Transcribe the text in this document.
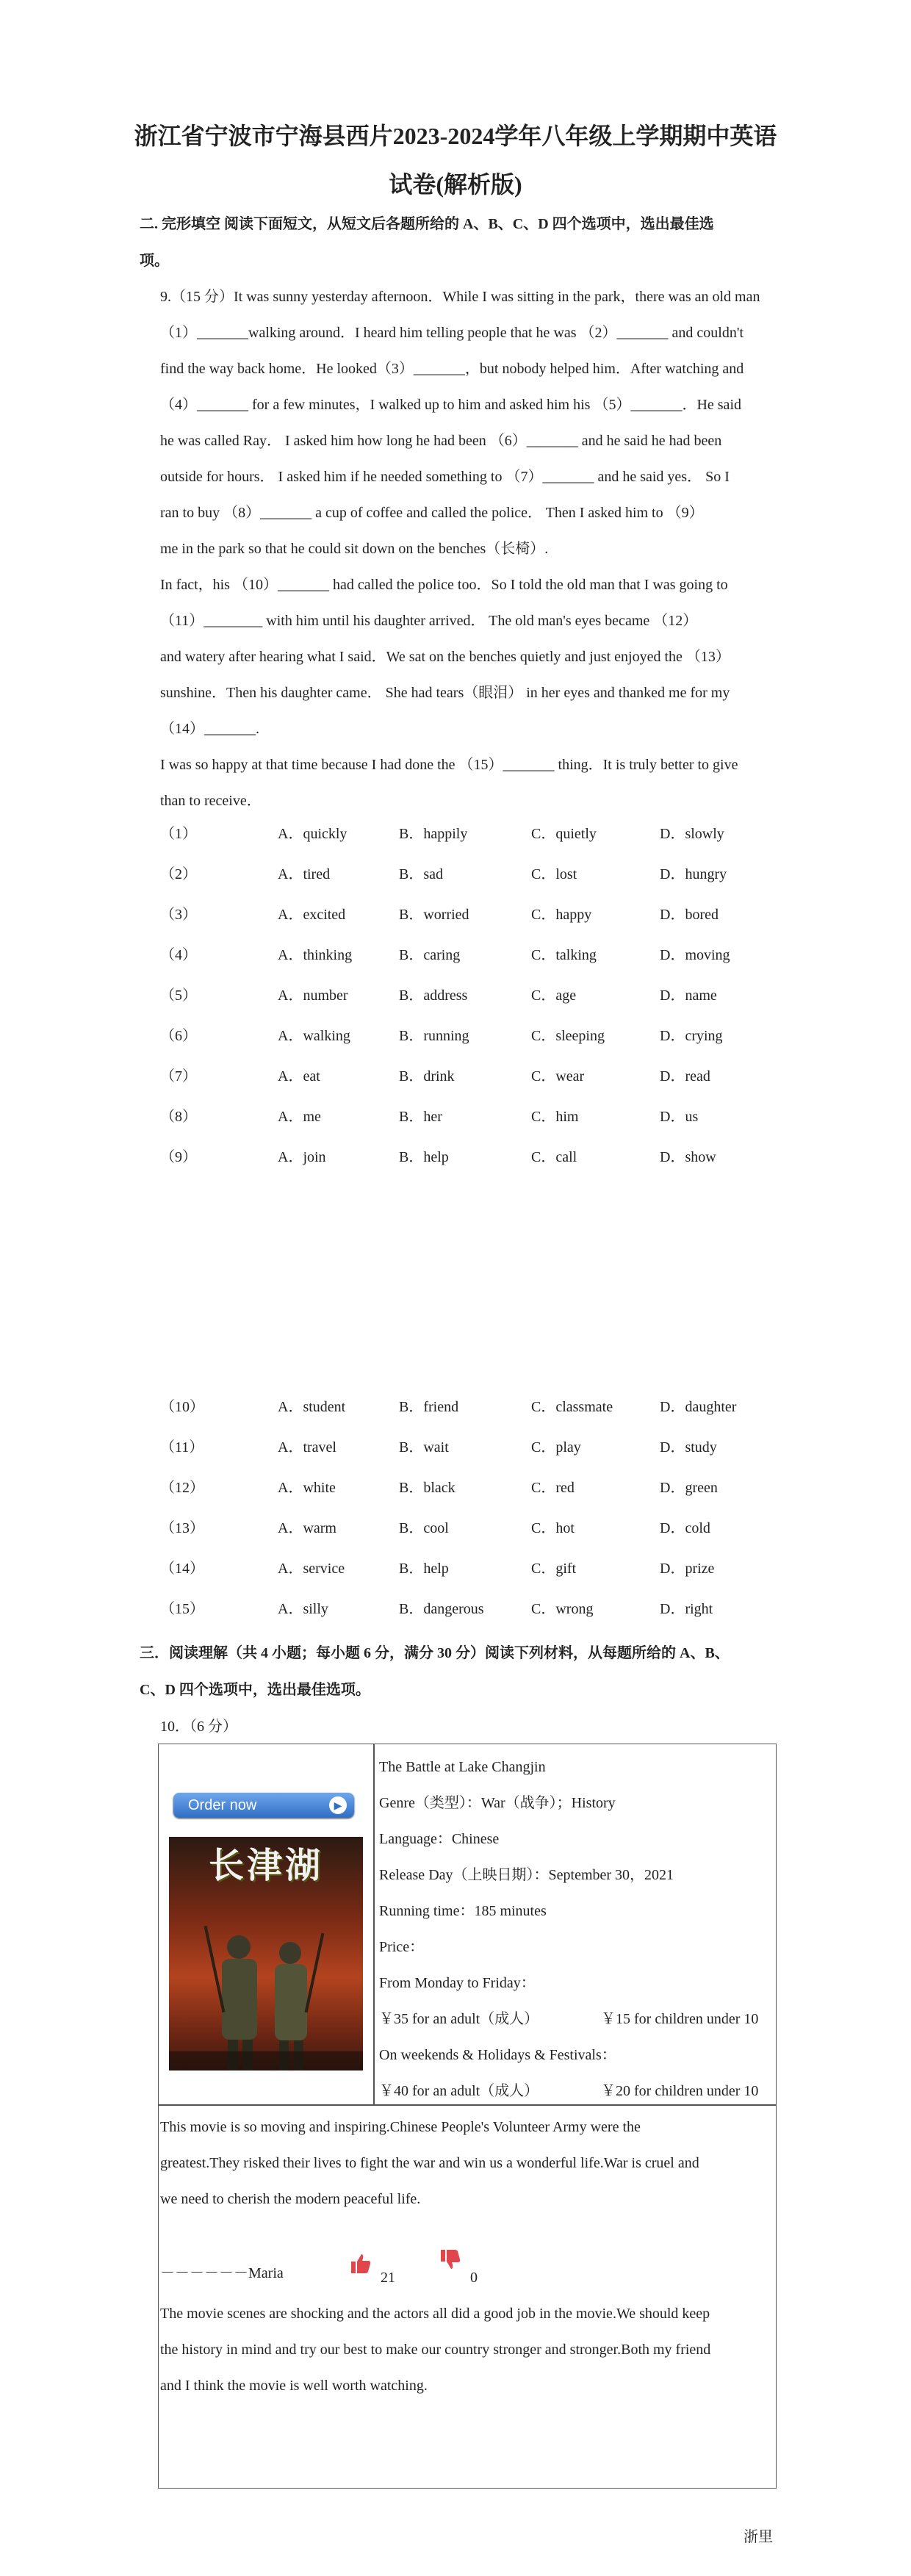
浙江省宁波市宁海县西片2023-2024学年八年级上学期期中英语
试卷(解析版)
二. 完形填空 阅读下面短文，从短文后各题所给的 A、B、C、D 四个选项中，选出最佳选
项。
9.（15 分）It was sunny yesterday afternoon．While I was sitting in the park，there was an old man
（1）_______walking around．I heard him telling people that he was （2）_______ and couldn't
find the way back home．He looked（3）_______，but nobody helped him．After watching and
（4）_______ for a few minutes，I walked up to him and asked him his （5）_______．He said
he was called Ray． I asked him how long he had been （6）_______ and he said he had been
outside for hours． I asked him if he needed something to （7）_______ and he said yes． So I
ran to buy （8）_______ a cup of coffee and called the police． Then I asked him to （9）
me in the park so that he could sit down on the benches（长椅）.
In fact，his （10）_______ had called the police too．So I told the old man that I was going to
（11）________ with him until his daughter arrived． The old man's eyes became （12）
and watery after hearing what I said．We sat on the benches quietly and just enjoyed the （13）
sunshine．Then his daughter came． She had tears（眼泪） in her eyes and thanked me for my
（14）_______.
I was so happy at that time because I had done the （15）_______ thing．It is truly better to give
than to receive．
（1）	A．quickly	B．happily	C．quietly	D．slowly
（2）	A．tired	B．sad	C．lost	D．hungry
（3）	A．excited	B．worried	C．happy	D．bored
（4）	A．thinking	B．caring	C．talking	D．moving
（5）	A．number	B．address	C．age	D．name
（6）	A．walking	B．running	C．sleeping	D．crying
（7）	A．eat	B．drink	C．wear	D．read
（8）	A．me	B．her	C．him	D．us
（9）	A．join	B．help	C．call	D．show
（10）	A．student	B．friend	C．classmate	D．daughter
（11）	A．travel	B．wait	C．play	D．study
（12）	A．white	B．black	C．red	D．green
（13）	A．warm	B．cool	C．hot	D．cold
（14）	A．service	B．help	C．gift	D．prize
（15）	A．silly	B．dangerous	C．wrong	D．right
三．阅读理解（共 4 小题；每小题 6 分，满分 30 分）阅读下列材料，从每题所给的 A、B、
C、D 四个选项中，选出最佳选项。
10．（6 分）
Order now	▶
长津湖
The Battle at Lake Changjin
Genre（类型）：War（战争）；History
Language：Chinese
Release Day（上映日期）：September 30，2021
Running time：185 minutes
Price：
From Monday to Friday：
￥35 for an adult（成人）	￥15 for children under 10
On weekends & Holidays & Festivals：
￥40 for an adult（成人）	￥20 for children under 10
This movie is so moving and inspiring.Chinese People's Volunteer Army were the
greatest.They risked their lives to fight the war and win us a wonderful life.War is cruel and
we need to cherish the modern peaceful life.
－－－－－－Maria	21	0
The movie scenes are shocking and the actors all did a good job in the movie.We should keep
the history in mind and try our best to make our country stronger and stronger.Both my friend
and I think the movie is well worth watching.
浙里
